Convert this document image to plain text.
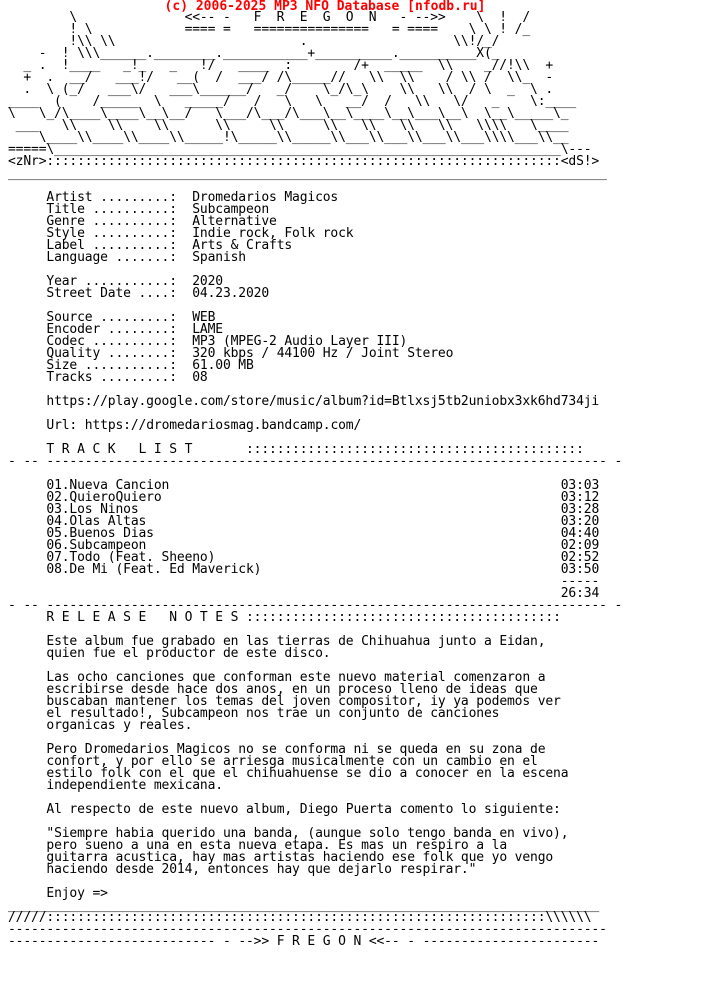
(c) 2006-2025 MP3 NFO Database [nfodb.ru]
\              <<-- -   F  R  E  G  O  N   - -->>    \  !  /
! \            ==== =   ===============   = ====    \ \ ! /_
!\\ \\                        .                   \\!/_/
-  ! \\\______.________.___________+__________.__________X(_
_ .  !____   _!_   _   !/   ____  :        /+  _____  \\    _//!\\  +
+  .  __/   ___!/   __(  /  ___/ /\_____//   \\  \\    / \\ /  \\_  -
.  \ (_/   ___\/   ___\______/   _/    \_/\_\    \\   \\  / \  _  \ .
____  (    /_____  \   _____/   /   \   \   __/  /   \\   \/   _    \:____
\   \_/\____\____\__\__/   \___/\___/\___\__\____\__\___\__\  \__\_____\_
___   \\    \\    \\      \\     \\     \\   \\   \\   \\   \\\\   \____
\____\\____\\____\\_____!\_____\\_____\\___\\___\\___\\___\\\\___\\__
=====\__________________________________________________________________\---
<zNr>:::::::::::::::::::::::::::::::::::::::::::::::::::::::::::::::::::<dS!>
______________________________________________________________________________

Artist .........:  Dromedarios Magicos
Title ..........:  Subcampeon
Genre ..........:  Alternative
Style ..........:  Indie rock, Folk rock
Label ..........:  Arts & Crafts
Language .......:  Spanish

Year ...........:  2020
Street Date ....:  04.23.2020

Source .........:  WEB
Encoder ........:  LAME
Codec ..........:  MP3 (MPEG-2 Audio Layer III)
Quality ........:  320 kbps / 44100 Hz / Joint Stereo
Size ...........:  61.00 MB
Tracks .........:  08

https://play.google.com/store/music/album?id=Btlxsj5tb2uniobx3xk6hd734ji

Url: https://dromedariosmag.bandcamp.com/

T R A C K   L I S T	::::::::::::::::::::::::::::::::::::::::::::
- -- ------------------------------------------------------------------------- -

01.Nueva Cancion                                                   03:03
02.QuieroQuiero                                                    03:12
03.Los Ninos                                                       03:28
04.Olas Altas                                                      03:20
05.Buenos Dias                                                     04:40
06.Subcampeon                                                      02:09
07.Todo (Feat. Sheeno)                                             02:52
08.De Mi (Feat. Ed Maverick)                                       03:50
-----
26:34
- -- ------------------------------------------------------------------------- -
R E L E A S E   N O T E S :::::::::::::::::::::::::::::::::::::::::

Este album fue grabado en las tierras de Chihuahua junto a Eidan,
quien fue el productor de este disco.

Las ocho canciones que conforman este nuevo material comenzaron a
escribirse desde hace dos anos, en un proceso lleno de ideas que
buscaban mantener los temas del joven compositor, iy ya podemos ver
el resultado!, Subcampeon nos trae un conjunto de canciones
organicas y reales.

Pero Dromedarios Magicos no se conforma ni se queda en su zona de
confort, y por ello se arriesga musicalmente con un cambio en el
estilo folk con el que el chihuahuense se dio a conocer en la escena
independiente mexicana.

Al respecto de este nuevo album, Diego Puerta comento lo siguiente:

"Siempre habia querido una banda, (aunque solo tengo banda en vivo),
pero sueno a una en esta nueva etapa. Es mas un respiro a la
guitarra acustica, hay mas artistas haciendo ese folk que yo vengo
haciendo desde 2014, entonces hay que dejarlo respirar."

Enjoy =>
_____________________________________________________________________________
/////:::::::::::::::::::::::::::::::::::::::::::::::::::::::::::::::::\\\\\\
------------------------------------------------------------------------------
--------------------------- - -->> F R E G O N <<-- - -----------------------
